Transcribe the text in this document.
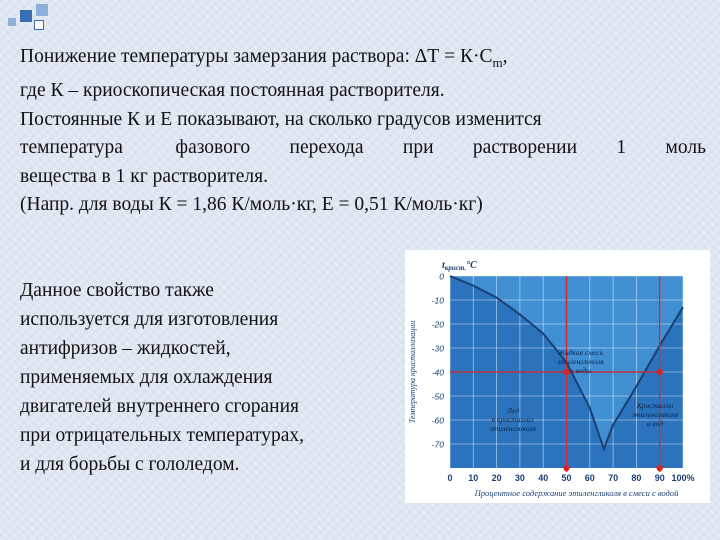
Понижение температуры замерзания раствора: $\Delta Т = К\cdot С_m$,
где К – криоскопическая постоянная растворителя.
Постоянные К и Е показывают, на сколько градусов изменится
температура    фазового   перехода   при   растворении   1   моль
вещества в 1 кг растворителя.
(Напр. для воды К = 1,86 К/моль·кг, Е = 0,51 К/моль·кг)
Данное свойство также
используется для изготовления
антифризов – жидкостей,
применяемых для охлаждения
двигателей внутреннего сгорания
при отрицательных температурах,
и для борьбы с гололедом.
0
-10
-20
-30
-40
-50
-60
-70
0 10 20 30 40 50 60 70 80 90 100%
Жидкая смесь этиленгликоля и воды
Лед в кристаллах этиленгликоля
Кристаллы этиленгликоля и вод
$t_{крист.}^\circ С$
Температура кристаллизации
Процентное содержание этиленгликоля в смеси с водой
